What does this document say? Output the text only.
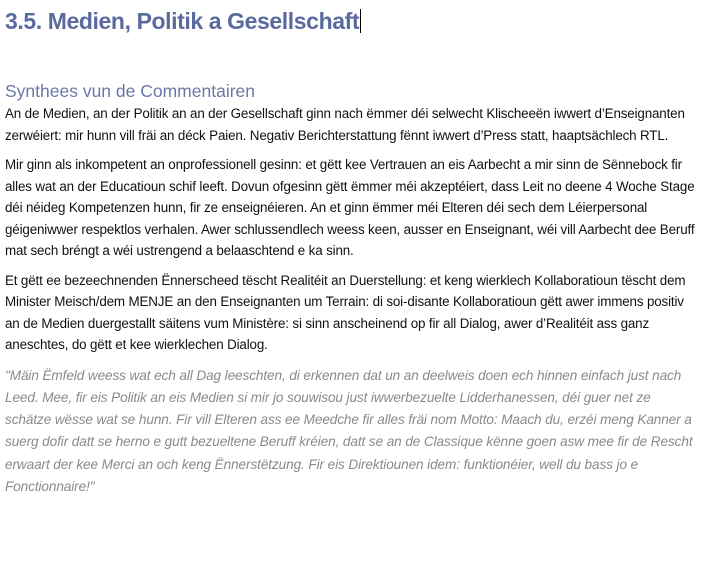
3.5. Medien, Politik a Gesellschaft
Synthees vun de Commentairen

An de Medien, an der Politik an an der Gesellschaft ginn nach ëmmer déi selwecht Klischeeën iwwert d’Enseignanten zerwéiert: mir hunn vill fräi an déck Paien. Negativ Berichterstattung fënnt iwwert d’Press statt, haaptsächlech RTL.

Mir ginn als inkompetent an onprofessionell gesinn: et gëtt kee Vertrauen an eis Aarbecht a mir sinn de Sënnebock fir alles wat an der Educatioun schif leeft. Dovun ofgesinn gëtt ëmmer méi akzeptéiert, dass Leit no deene 4 Woche Stage déi néideg Kompetenzen hunn, fir ze enseignéieren. An et ginn ëmmer méi Elteren déi sech dem Léierpersonal géigeniwwer respektlos verhalen. Awer schlussendlech weess keen, ausser en Enseignant, wéi vill Aarbecht dee Beruff mat sech bréngt a wéi ustrengend a belaaschtend e ka sinn.

Et gëtt ee bezeechnenden Ënnerscheed tëscht Realitéit an Duerstellung: et keng wierklech Kollaboratioun tëscht dem Minister Meisch/dem MENJE an den Enseignanten um Terrain: di soi-disante Kollaboratioun gëtt awer immens positiv an de Medien duergestallt säitens vum Ministère: si sinn anscheinend op fir all Dialog, awer d’Realitéit ass ganz aneschtes, do gëtt et kee wierklechen Dialog.

"Mäin Ëmfeld weess wat ech all Dag leeschten, di erkennen dat un an deelweis doen ech hinnen einfach just nach Leed. Mee, fir eis Politik an eis Medien si mir jo souwisou just iwwerbezuelte Lidderhanessen, déi guer net ze schätze wësse wat se hunn. Fir vill Elteren ass ee Meedche fir alles fräi nom Motto: Maach du, erzéi meng Kanner a suerg dofir datt se herno e gutt bezueltene Beruff kréien, datt se an de Classique kënne goen asw mee fir de Rescht erwaart der kee Merci an och keng Ënnerstëtzung. Fir eis Direktiounen idem: funktionéier, well du bass jo e Fonctionnaire!"
